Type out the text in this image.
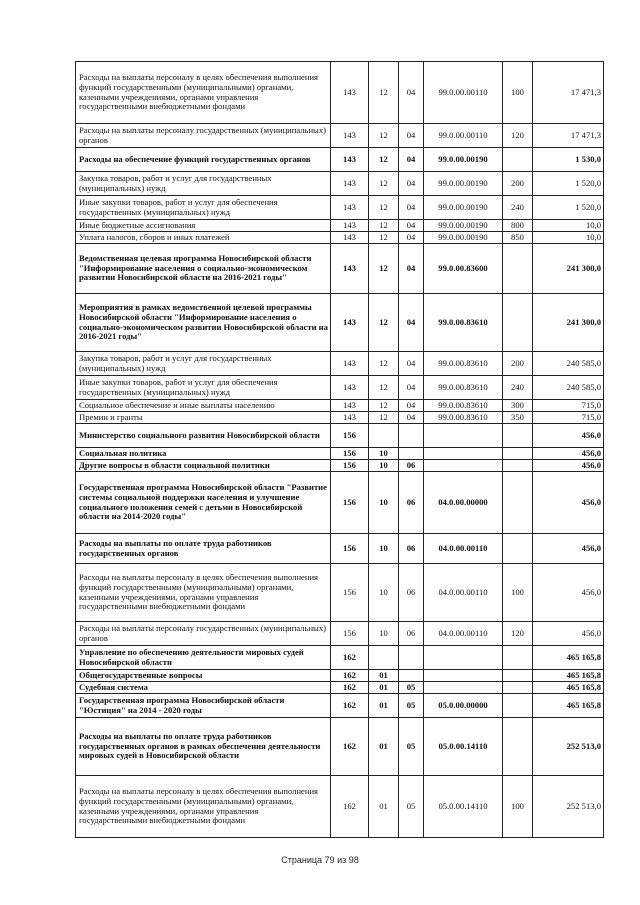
Расходы на выплаты персоналу в целях обеспечения выполнения функций государственными (муниципальными) органами, казенными учреждениями, органами управления государственными внебюджетными фондами	143	12	04	99.0.00.00110	100	17 471,3
Расходы на выплаты персоналу государственных (муниципальных) органов	143	12	04	99.0.00.00110	120	17 471,3
Расходы на обеспечение функций государственных органов	143	12	04	99.0.00.00190		1 530,0
Закупка товаров, работ и услуг для государственных (муниципальных) нужд	143	12	04	99.0.00.00190	200	1 520,0
Иные закупки товаров, работ и услуг для обеспечения государственных (муниципальных) нужд	143	12	04	99.0.00.00190	240	1 520,0
Иные бюджетные ассигнования	143	12	04	99.0.00.00190	800	10,0
Уплата налогов, сборов и иных платежей	143	12	04	99.0.00.00190	850	10,0
Ведомственная целевая программа Новосибирской области "Информирование населения о социально-экономическом развитии Новосибирской области на 2016-2021 годы"	143	12	04	99.0.00.83600		241 300,0
Мероприятия в рамках ведомственной целевой программы Новосибирской области "Информирование населения о социально-экономическом развитии Новосибирской области на 2016-2021 годы"	143	12	04	99.0.00.83610		241 300,0
Закупка товаров, работ и услуг для государственных (муниципальных) нужд	143	12	04	99.0.00.83610	200	240 585,0
Иные закупки товаров, работ и услуг для обеспечения государственных (муниципальных) нужд	143	12	04	99.0.00.83610	240	240 585,0
Социальное обеспечение и иные выплаты населению	143	12	04	99.0.00.83610	300	715,0
Премии и гранты	143	12	04	99.0.00.83610	350	715,0
Министерство социального развития Новосибирской области	156					456,0
Социальная политика	156	10				456,0
Другие вопросы в области социальной политики	156	10	06			456,0
Государственная программа Новосибирской области "Развитие системы социальной поддержки населения и улучшение социального положения семей с детьми в Новосибирской области на 2014-2020 годы"	156	10	06	04.0.00.00000		456,0
Расходы на выплаты по оплате труда работников государственных органов	156	10	06	04.0.00.00110		456,0
Расходы на выплаты персоналу в целях обеспечения выполнения функций государственными (муниципальными) органами, казенными учреждениями, органами управления государственными внебюджетными фондами	156	10	06	04.0.00.00110	100	456,0
Расходы на выплаты персоналу государственных (муниципальных) органов	156	10	06	04.0.00.00110	120	456,0
Управление по обеспечению деятельности мировых судей Новосибирской области	162					465 165,8
Общегосударственные вопросы	162	01				465 165,8
Судебная система	162	01	05			465 165,8
Государственная программа Новосибирской области "Юстиция" на 2014 - 2020 годы	162	01	05	05.0.00.00000		465 165,8
Расходы на выплаты по оплате труда работников государственных органов в рамках обеспечения деятельности мировых судей в Новосибирской области	162	01	05	05.0.00.14110		252 513,0
Расходы на выплаты персоналу в целях обеспечения выполнения функций государственными (муниципальными) органами, казенными учреждениями, органами управления государственными внебюджетными фондами	162	01	05	05.0.00.14110	100	252 513,0
Страница 79 из 98
